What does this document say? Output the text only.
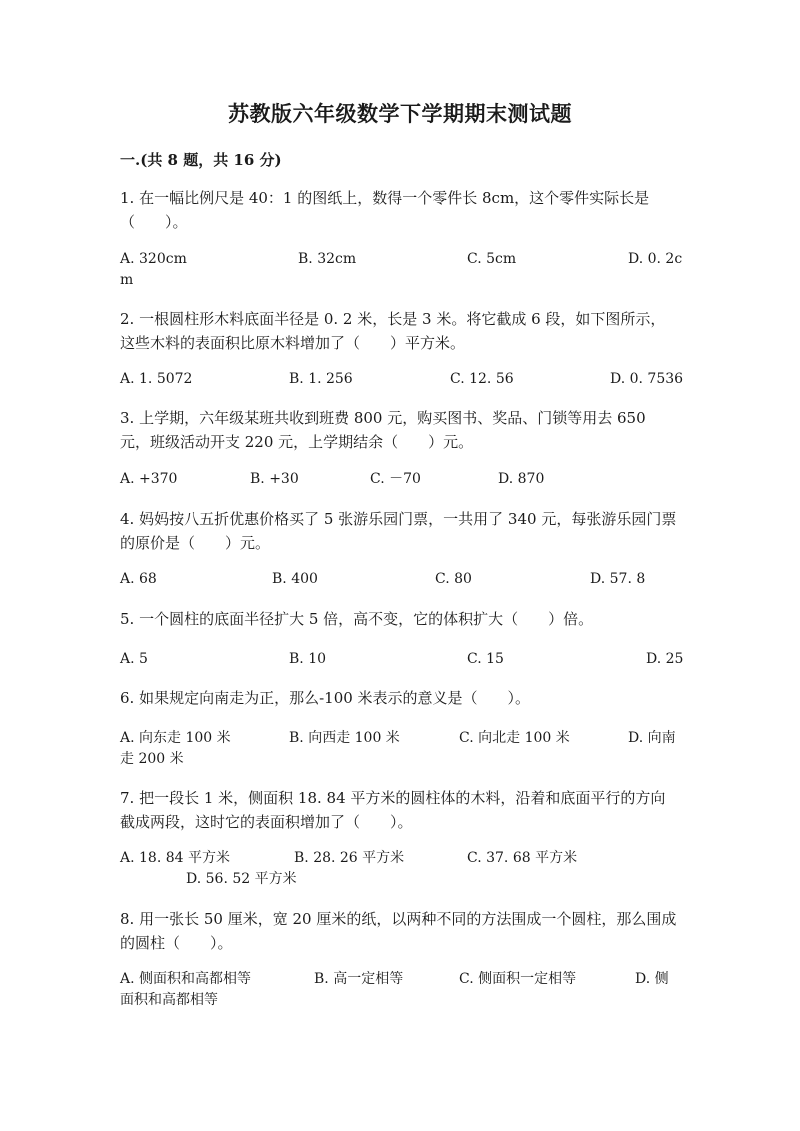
苏教版六年级数学下学期期末测试题
一.(共 8 题，共 16 分)
1. 在一幅比例尺是 40：1 的图纸上，数得一个零件长 8cm，这个零件实际长是（　　）。
A. 320cm	B. 32cm	C. 5cm	D. 0. 2c
m
2. 一根圆柱形木料底面半径是 0. 2 米，长是 3 米。将它截成 6 段，如下图所示，这些木料的表面积比原木料增加了（　　）平方米。
A. 1. 5072	B. 1. 256	C. 12. 56	D. 0. 7536
3. 上学期，六年级某班共收到班费 800 元，购买图书、奖品、门锁等用去 650 元，班级活动开支 220 元，上学期结余（　　）元。
A. +370	B. +30	C. －70	D. 870
4. 妈妈按八五折优惠价格买了 5 张游乐园门票，一共用了 340 元，每张游乐园门票的原价是（　　）元。
A. 68	B. 400	C. 80	D. 57. 8
5. 一个圆柱的底面半径扩大 5 倍，高不变，它的体积扩大（　　）倍。
A. 5	B. 10	C. 15	D. 25
6. 如果规定向南走为正，那么-100 米表示的意义是（　　）。
A. 向东走 100 米	B. 向西走 100 米	C. 向北走 100 米	D. 向南
走 200 米
7. 把一段长 1 米，侧面积 18. 84 平方米的圆柱体的木料，沿着和底面平行的方向截成两段，这时它的表面积增加了（　　）。
A. 18. 84 平方米	B. 28. 26 平方米	C. 37. 68 平方米
D. 56. 52 平方米
8. 用一张长 50 厘米，宽 20 厘米的纸，以两种不同的方法围成一个圆柱，那么围成的圆柱（　　）。
A. 侧面积和高都相等	B. 高一定相等	C. 侧面积一定相等	D. 侧
面积和高都相等
